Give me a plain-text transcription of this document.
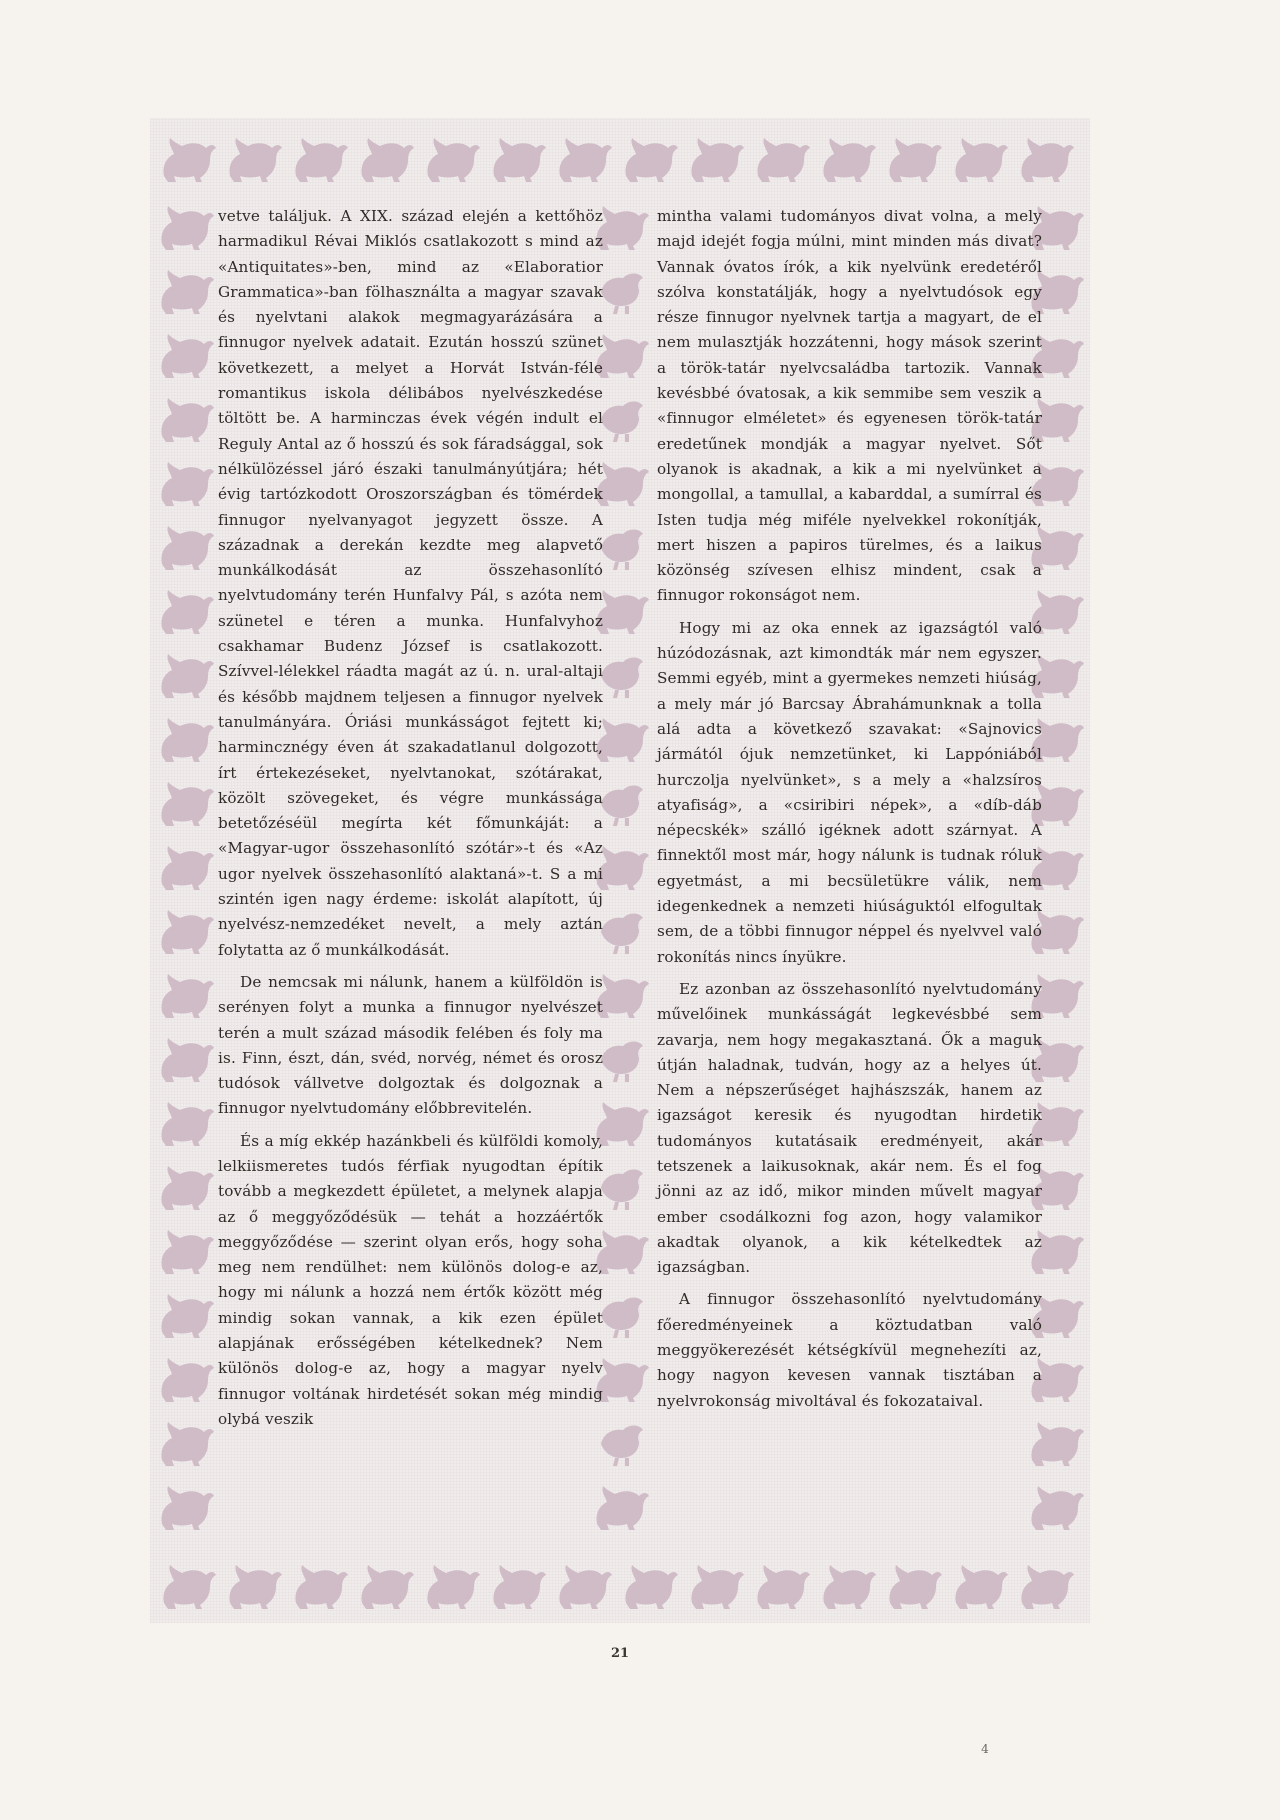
vetve találjuk. A XIX. század elején a kettőhöz harmadikul Révai Miklós csatlakozott s mind az «Antiquitates»-ben, mind az «Elaboratior Grammatica»-ban fölhasználta a magyar szavak és nyelvtani alakok megmagyarázására a finnugor nyelvek adatait. Ezután hosszú szünet következett, a melyet a Horvát István-féle romantikus iskola délibábos nyelvészkedése töltött be. A harminczas évek végén indult el Reguly Antal az ő hosszú és sok fáradsággal, sok nélkülözéssel járó északi tanulmányútjára; hét évig tartózkodott Oroszországban és tömérdek finnugor nyelvanyagot jegyzett össze. A századnak a derekán kezdte meg alapvető munkálkodását az összehasonlító nyelvtudomány terén Hunfalvy Pál, s azóta nem szünetel e téren a munka. Hunfalvyhoz csakhamar Budenz József is csatlakozott. Szívvel-lélekkel ráadta magát az ú. n. ural-altaji és később majdnem teljesen a finnugor nyelvek tanulmányára. Óriási munkásságot fejtett ki; harmincznégy éven át szakadatlanul dolgozott, írt értekezéseket, nyelvtanokat, szótárakat, közölt szövegeket, és végre munkássága betetőzéséül megírta két főmunkáját: a «Magyar-ugor összehasonlító szótár»-t és «Az ugor nyelvek összehasonlító alaktaná»-t. S a mi szintén igen nagy érdeme: iskolát alapított, új nyelvész-nemzedéket nevelt, a mely aztán folytatta az ő munkálkodását.

De nemcsak mi nálunk, hanem a külföldön is serényen folyt a munka a finnugor nyelvészet terén a mult század második felében és foly ma is. Finn, észt, dán, svéd, norvég, német és orosz tudósok vállvetve dolgoztak és dolgoznak a finnugor nyelvtudomány előbbrevitelén.

És a míg ekkép hazánkbeli és külföldi komoly, lelkiismeretes tudós férfiak nyugodtan építik tovább a megkezdett épületet, a melynek alapja az ő meggyőződésük — tehát a hozzáértők meggyőződése — szerint olyan erős, hogy soha meg nem rendülhet: nem különös dolog-e az, hogy mi nálunk a hozzá nem értők között még mindig sokan vannak, a kik ezen épület alapjának erősségében kételkednek? Nem különös dolog-e az, hogy a magyar nyelv finnugor voltának hirdetését sokan még mindig olybá veszik

mintha valami tudományos divat volna, a mely majd idejét fogja múlni, mint minden más divat? Vannak óvatos írók, a kik nyelvünk eredetéről szólva konstatálják, hogy a nyelvtudósok egy része finnugor nyelvnek tartja a magyart, de el nem mulasztják hozzátenni, hogy mások szerint a török-tatár nyelvcsaládba tartozik. Vannak kevésbbé óvatosak, a kik semmibe sem veszik a «finnugor elméletet» és egyenesen török-tatár eredetűnek mondják a magyar nyelvet. Sőt olyanok is akadnak, a kik a mi nyelvünket a mongollal, a tamullal, a kabarddal, a sumírral és Isten tudja még miféle nyelvekkel rokonítják, mert hiszen a papiros türelmes, és a laikus közönség szívesen elhisz mindent, csak a finnugor rokonságot nem.

Hogy mi az oka ennek az igazságtól való húzódozásnak, azt kimondták már nem egyszer. Semmi egyéb, mint a gyermekes nemzeti hiúság, a mely már jó Barcsay Ábrahámunknak a tolla alá adta a következő szavakat: «Sajnovics jármától ójuk nemzetünket, ki Lappóniából hurczolja nyelvünket», s a mely a «halzsíros atyafiság», a «csiribiri népek», a «díb-dáb népecskék» szálló igéknek adott szárnyat. A finnektől most már, hogy nálunk is tudnak róluk egyetmást, a mi becsületükre válik, nem idegenkednek a nemzeti hiúságuktól elfogultak sem, de a többi finnugor néppel és nyelvvel való rokonítás nincs ínyükre.

Ez azonban az összehasonlító nyelvtudomány művelőinek munkásságát legkevésbbé sem zavarja, nem hogy megakasztaná. Ők a maguk útján haladnak, tudván, hogy az a helyes út. Nem a népszerűséget hajhászszák, hanem az igazságot keresik és nyugodtan hirdetik tudományos kutatásaik eredményeit, akár tetszenek a laikusoknak, akár nem. És el fog jönni az az idő, mikor minden művelt magyar ember csodálkozni fog azon, hogy valamikor akadtak olyanok, a kik kételkedtek az igazságban.

A finnugor összehasonlító nyelvtudomány főeredményeinek a köztudatban való meggyökerezését kétségkívül megnehezíti az, hogy nagyon kevesen vannak tisztában a nyelvrokonság mivoltával és fokozataival.

21
4
